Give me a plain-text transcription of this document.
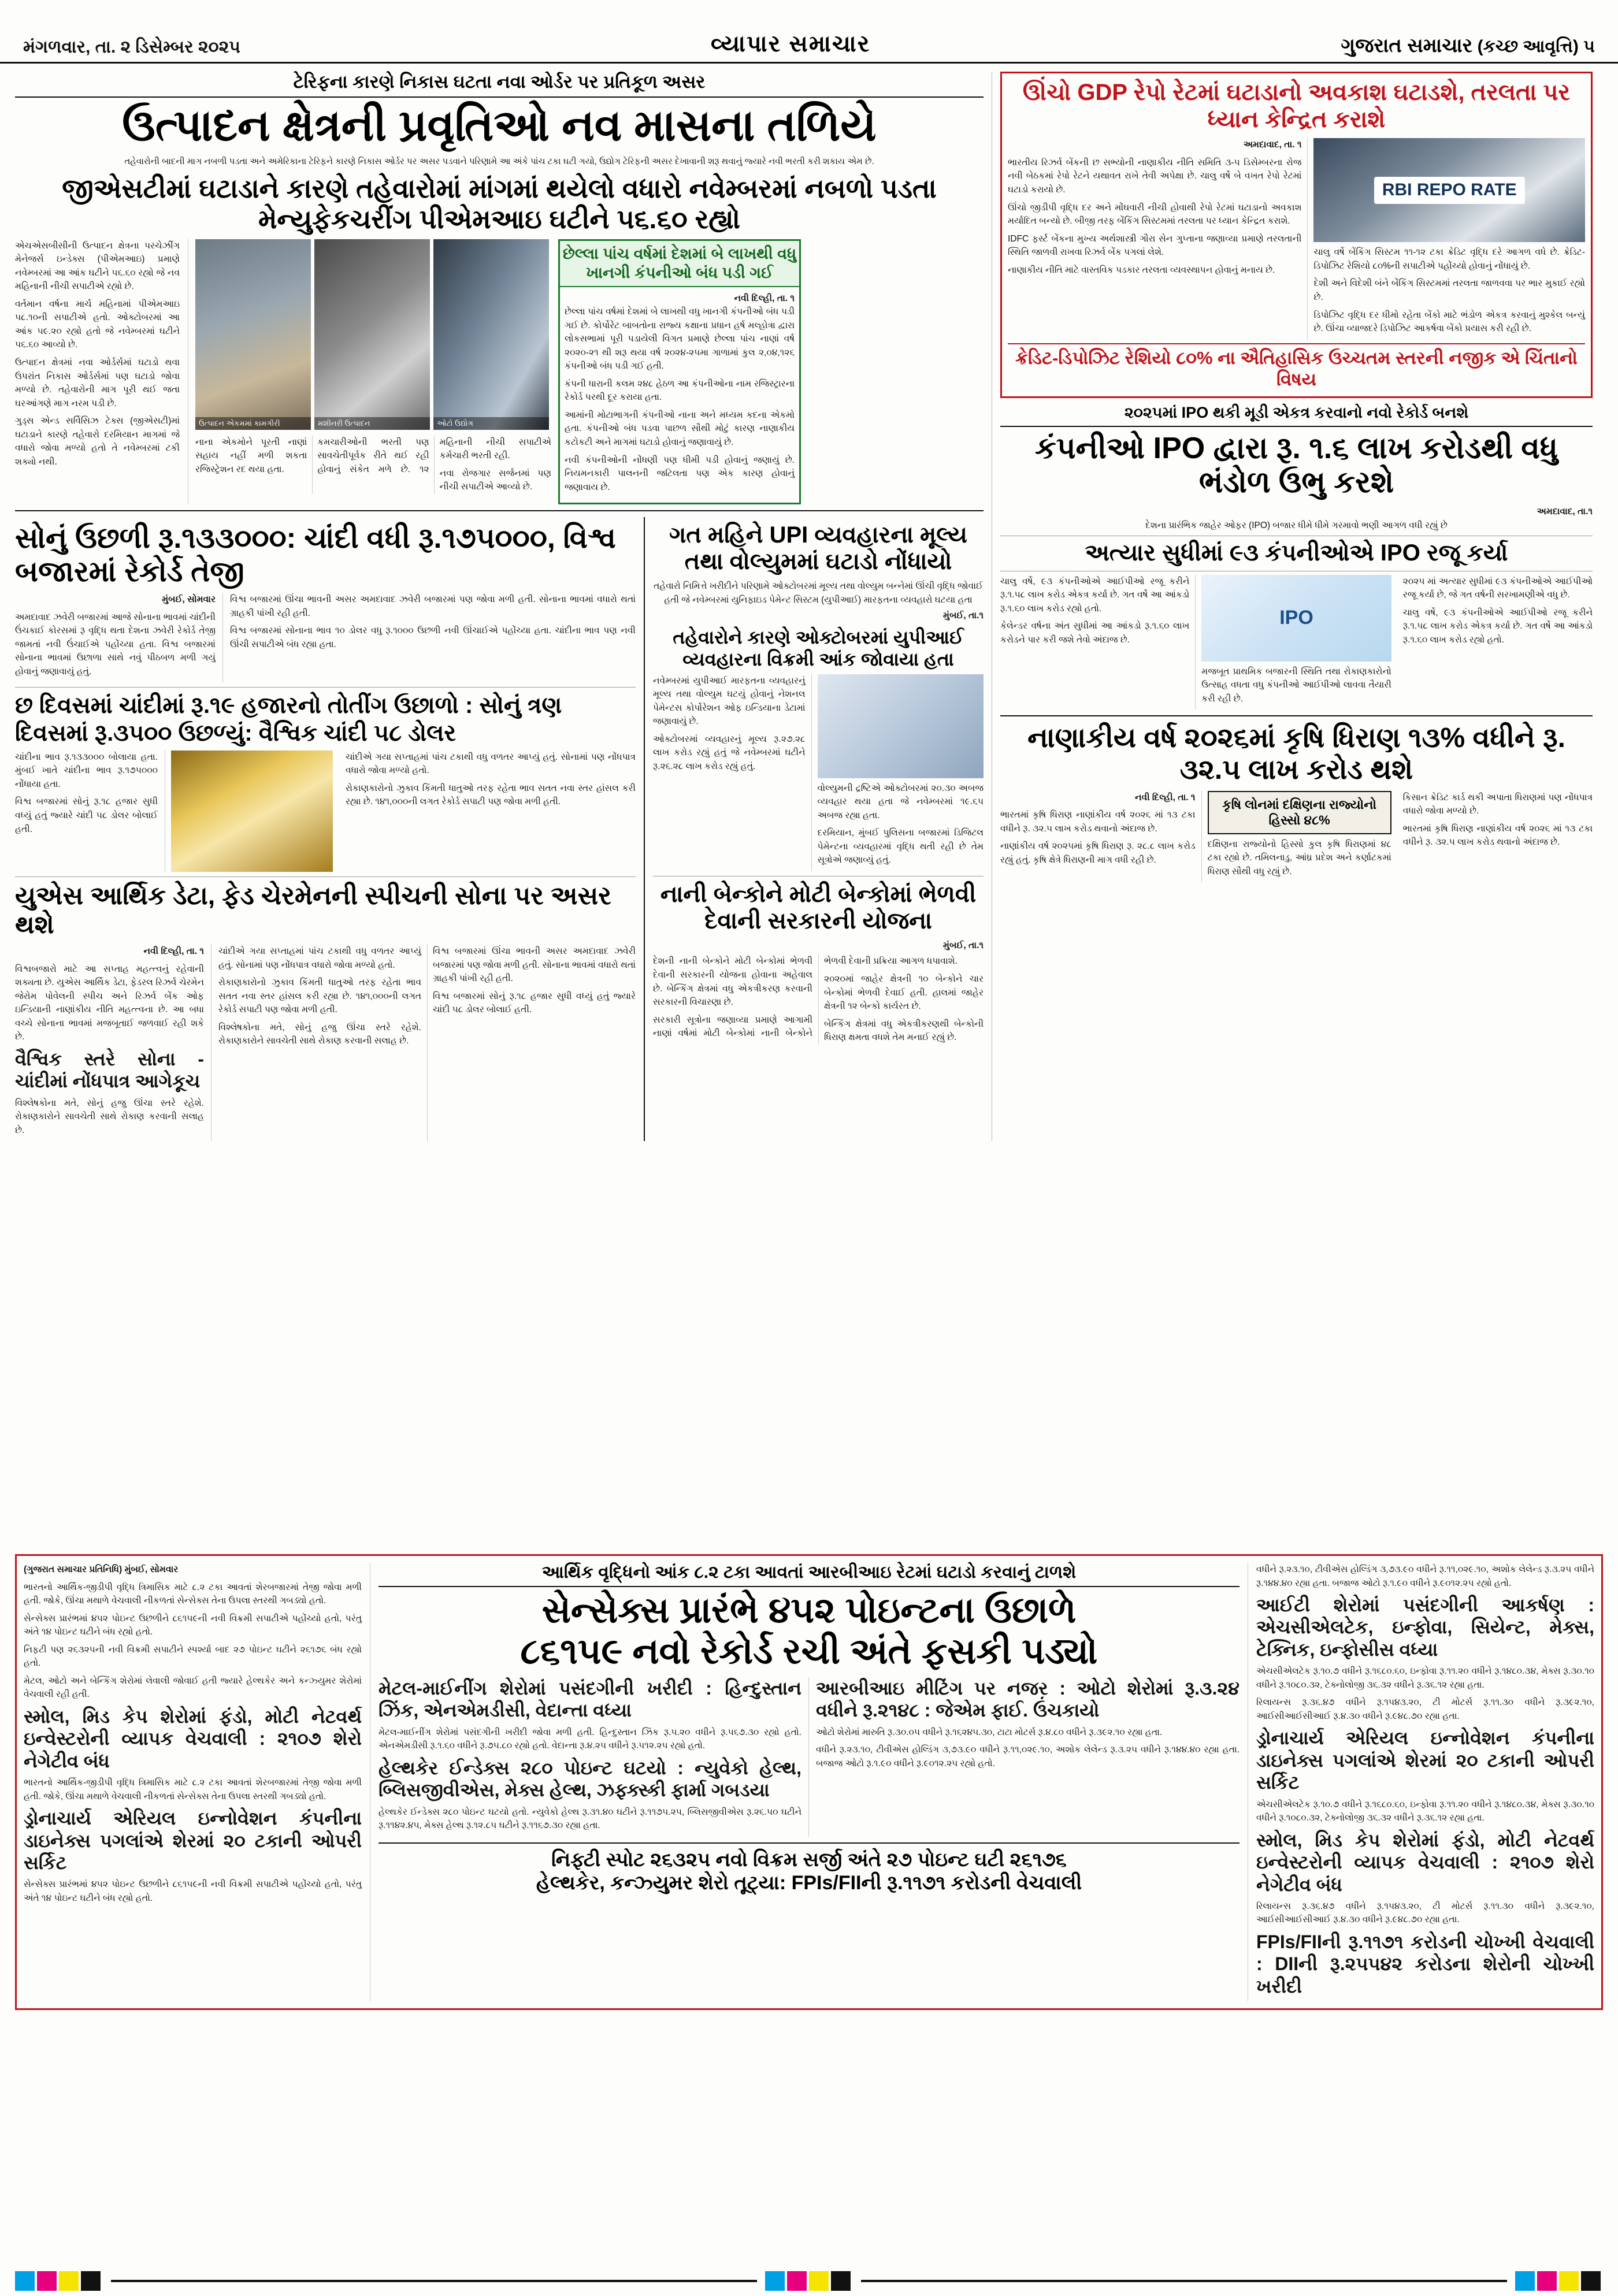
મંગળવાર, તા. ૨ ડિસેમ્બર ૨૦૨૫	વ્યાપાર સમાચાર	ગુજરાત સમાચાર (કચ્છ આવૃત્તિ) ૫
ટેરિફના કારણે નિકાસ ઘટતા નવા ઓર્ડર પર પ્રતિકૂળ અસર
ઉત્પાદન ક્ષેત્રની પ્રવૃતિઓ નવ માસના તળિયે
તહેવારોની બાદની માગ નબળી પડતા અને અમેરિકાના ટેરિફને કારણે નિકાસ ઓર્ડર પર અસર પડવાને પરિણામે આ અંકે પાંચ ટકા ઘટી ગયો, ઉદ્યોગ ટેરિફની અસર દેખાવાની શરૂ થવાનું જ્યારે નવી ભરતી કરી શકાય એમ છે.
જીએસટીમાં ઘટાડાને કારણે તહેવારોમાં માંગમાં થયેલો વધારો નવેમ્બરમાં નબળો પડતા મેન્યુફેકચરીંગ પીએમઆઇ ઘટીને ૫૬.૬૦ રહ્યો

એચએસબીસીની ઉત્પાદન ક્ષેત્રના પરચેઝીંગ મેનેજર્સ ઇન્ડેક્સ (પીએમઆઇ) પ્રમાણે નવેમ્બરમાં આ આંક ઘટીને ૫૬.૬૦ રહ્યો જે નવ મહિનાની નીચી સપાટીએ રહ્યો છે.

વર્તમાન વર્ષના માર્ચ મહિનામાં પીએમઆઇ ૫૮.૧૦ની સપાટીએ હતો. ઓક્ટોબરમાં આ આંક ૫૯.૨૦ રહ્યો હતો જે નવેમ્બરમાં ઘટીને ૫૬.૬૦ આવ્યો છે.

ઉત્પાદન ક્ષેત્રમાં નવા ઓર્ડર્સમાં ઘટાડો થવા ઉપરાંત નિકાસ ઓર્ડર્સમાં પણ ઘટાડો જોવા મળ્યો છે. તહેવારોની માગ પૂરી થઈ જતા ઘરઆંગણે માગ નરમ પડી છે.

ગુડ્સ એન્ડ સર્વિસિઝ ટેક્સ (જીએસટી)માં ઘટાડાને કારણે તહેવારો દરમિયાન માગમાં જે વધારો જોવા મળ્યો હતો તે નવેમ્બરમાં ટકી શક્યો નથી.

ઉત્પાદન એકમમાં કામગીરી	મશીનરી ઉત્પાદન	ઓટો ઉદ્યોગ

નાના એકમોને પૂરતી નાણાં સહાય નહીં મળી શકતા રજિસ્ટ્રેશન રદ થયા હતા.

કમચારીઓની ભરતી પણ સાવચેતીપૂર્વક રીતે થઈ રહી હોવાનું સંકેત મળે છે. ૧૨ મહિનાની નીચી સપાટીએ કર્મચારી ભરતી રહી.

નવા રોજગાર સર્જનમાં પણ નીચી સપાટીએ આવ્યો છે.

છેલ્લા પાંચ વર્ષમાં દેશમાં બે લાખથી વધુ ખાનગી કંપનીઓ બંધ પડી ગઈ
નવી દિલ્હી, તા. ૧

છેલ્લા પાંચ વર્ષમાં દેશમાં બે લાખથી વધુ ખાનગી કંપનીઓ બંધ પડી ગઈ છે. કોર્પોરેટ બાબતોના રાજ્ય કક્ષાના પ્રધાન હર્ષ મલ્હોત્રા દ્વારા લોકસભામાં પૂરી પડાયેલી વિગત પ્રમાણે છેલ્લા પાંચ નાણાં વર્ષ ૨૦૨૦-૨૧ થી શરૂ થયા વર્ષ ૨૦૨૪-૨૫મા ગાળામાં કુલ ૨,૦૪,૧૨૬ કંપનીઓ બંધ પડી ગઈ હતી.

કંપની ધારાની કલમ ૨૪૮ હેઠળ આ કંપનીઓના નામ રજિસ્ટ્રારના રેકોર્ડ પરથી દૂર કરાયા હતા.

આમાંની મોટાભાગની કંપનીઓ નાના અને મધ્યમ કદના એકમો હતા. કંપનીઓ બંધ પડવા પાછળ સૌથી મોટું કારણ નાણાકીય કટોકટી અને માગમાં ઘટાડો હોવાનું જણાવાયું છે.

નવી કંપનીઓની નોંધણી પણ ધીમી પડી હોવાનું જણાયું છે. નિયમનકારી પાલનની જટિલતા પણ એક કારણ હોવાનું જણાવાય છે.

સોનું ઉછળી રૂ.૧૩૩૦૦૦: ચાંદી વધી રૂ.૧૭૫૦૦૦, વિશ્વ બજારમાં રેકોર્ડ તેજી

મુંબઈ, સોમવાર

અમદાવાદ ઝવેરી બજારમાં આજે સોનાના ભાવમાં ચાંદીની ઉંચકાઈ કોરસમાં રૂ વૃદ્ધિ થતા દેશના ઝવેરી રેકોર્ડ તેજી જામતાં નવી ઉંચાઈએ પહોંચ્યા હતા. વિશ્વ બજારમાં સોનાના ભાવમાં ઉછાળા સાથે નવું પીઠબળ મળી ગયું હોવાનું જણાવાયું હતું.

વિશ્વ બજારમાં ઊંચા ભાવની અસર અમદાવાદ ઝવેરી બજારમાં પણ જોવા મળી હતી. સોનાના ભાવમાં વધારો થતાં ગ્રાહકી પાંખી રહી હતી.

વિશ્વ બજારમાં સોનાના ભાવ ૧૦ ડોલર વધુ રૂ.૧૦૦૦ ઉછળી નવી ઊંચાઈએ પહોંચ્યા હતા. ચાંદીના ભાવ પણ નવી ઊંચી સપાટીએ બંધ રહ્યા હતા.

છ દિવસમાં ચાંદીમાં રૂ.૧૯ હજારનો તોતીંગ ઉછાળો : સોનું ત્રણ દિવસમાં રૂ.૩૫૦૦ ઉછળ્યું: વૈશ્વિક ચાંદી ૫૮ ડોલર

ચાંદીના ભાવ રૂ.૧૩૩૦૦૦ બોલાયા હતા. મુંબઈ ખાતે ચાંદીના ભાવ રૂ.૧૭૫૦૦૦ નોંધાયા હતા.

વિશ્વ બજારમાં સોનું રૂ.૧૮ હજાર સુધી વધ્યું હતું જ્યારે ચાંદી ૫૮ ડોલર બોલાઈ હતી.

ચાંદીએ ગયા સપ્તાહમાં પાંચ ટકાથી વધુ વળતર આપ્યું હતું. સોનામાં પણ નોંધપાત્ર વધારો જોવા મળ્યો હતો.

રોકાણકારોનો ઝુકાવ કિંમતી ધાતુઓ તરફ રહેતા ભાવ સતત નવા સ્તર હાંસલ કરી રહ્યા છે. ૧૪૧,૦૦૦ની લગત રેકોર્ડ સપાટી પણ જોવા મળી હતી.

યુએસ આર્થિક ડેટા, ફેડ ચેરમેનની સ્પીચની સોના પર અસર થશે

નવી દિલ્હી, તા. ૧

વિશ્વબજારો માટે આ સપ્તાહ મહત્ત્વનું રહેવાની શક્યતા છે. યુએસ આર્થિક ડેટા, ફેડરલ રિઝર્વ ચેરમેન જેરોમ પોવેલની સ્પીચ અને રિઝર્વ બેંક ઓફ ઇન્ડિયાની નાણાંકીય નીતિ મહત્ત્વના છે. આ બધા વચ્ચે સોનાના ભાવમાં મજબૂતાઈ જળવાઈ રહી શકે છે.

વૈશ્વિક સ્તરે સોના - ચાંદીમાં નોંધપાત્ર આગેકૂચ

વિશ્લેષકોના મતે, સોનું હજુ ઊંચા સ્તરે રહેશે. રોકાણકારોને સાવચેતી સાથે રોકાણ કરવાની સલાહ છે.

ચાંદીએ ગયા સપ્તાહમાં પાંચ ટકાથી વધુ વળતર આપ્યું હતું. સોનામાં પણ નોંધપાત્ર વધારો જોવા મળ્યો હતો.

રોકાણકારોનો ઝુકાવ કિંમતી ધાતુઓ તરફ રહેતા ભાવ સતત નવા સ્તર હાંસલ કરી રહ્યા છે. ૧૪૧,૦૦૦ની લગત રેકોર્ડ સપાટી પણ જોવા મળી હતી.

વિશ્લેષકોના મતે, સોનું હજુ ઊંચા સ્તરે રહેશે. રોકાણકારોને સાવચેતી સાથે રોકાણ કરવાની સલાહ છે.

વિશ્વ બજારમાં ઊંચા ભાવની અસર અમદાવાદ ઝવેરી બજારમાં પણ જોવા મળી હતી. સોનાના ભાવમાં વધારો થતાં ગ્રાહકી પાંખી રહી હતી.

વિશ્વ બજારમાં સોનું રૂ.૧૮ હજાર સુધી વધ્યું હતું જ્યારે ચાંદી ૫૮ ડોલર બોલાઈ હતી.

ગત મહિને UPI વ્યવહારના મૂલ્ય તથા વોલ્યુમમાં ઘટાડો નોંધાયો
તહેવારો નિમિત્તે ખરીદીને પરિણામે ઓક્ટોબરમાં મૂલ્ય તથા વોલ્યુમ બન્નેમાં ઊંચી વૃદ્ધિ જોવાઈ હતી જે નવેમ્બરમાં યુનિફાઇડ પેમેન્ટ સિસ્ટમ (યુપીઆઈ) મારફતના વ્યવહારો ઘટયા હતા
મુંબઈ, તા.૧
તહેવારોને કારણે ઓક્ટોબરમાં યુપીઆઈ વ્યવહારના વિક્રમી આંક જોવાયા હતા

નવેમ્બરમાં યુપીઆઈ મારફતના વ્યવહારનું મૂલ્ય તથા વોલ્યુમ ઘટયું હોવાનું નેશનલ પેમેન્ટસ કોર્પોરેશન ઓફ ઇન્ડિયાના ડેટામાં જણાવાયું છે.

ઓક્ટોબરમાં વ્યવહારનું મૂલ્ય રૂ.૨૭.૨૮ લાખ કરોડ રહ્યું હતું જે નવેમ્બરમાં ઘટીને રૂ.૨૬.૨૮ લાખ કરોડ રહ્યું હતું.

વોલ્યુમની દ્રષ્ટિએ ઓક્ટોબરમાં ૨૦.૩૦ અબજ વ્યવહાર થયા હતા જે નવેમ્બરમાં ૧૯.૬૫ અબજ રહ્યા હતા.

દરમિયાન, મુંબઈ પુલિસના બજારમાં ડિજિટલ પેમેન્ટના વ્યવહારમાં વૃદ્ધિ થતી રહી છે તેમ સૂત્રોએ જણાવ્યું હતું.

નાની બેન્કોને મોટી બેન્કોમાં ભેળવી દેવાની સરકારની યોજના
મુંબઈ, તા.૧

દેશની નાની બેન્કોને મોટી બેન્કોમાં ભેળવી દેવાની સરકારની યોજના હોવાના અહેવાલ છે. બેન્કિંગ ક્ષેત્રમાં વધુ એકત્રીકરણ કરવાની સરકારની વિચારણા છે.

સરકારી સૂત્રોના જણાવ્યા પ્રમાણે આગામી નાણાં વર્ષમાં મોટી બેન્કોમાં નાની બેન્કોને ભેળવી દેવાની પ્રક્રિયા આગળ ધપાવાશે.

૨૦૨૦માં જાહેર ક્ષેત્રની ૧૦ બેન્કોને ચાર બેન્કોમાં ભેળવી દેવાઈ હતી. હાલમાં જાહેર ક્ષેત્રની ૧૨ બેન્કો કાર્યરત છે.

બેન્કિંગ ક્ષેત્રમાં વધુ એકત્રીકરણથી બેન્કોની ધિરાણ ક્ષમતા વધશે તેમ મનાઈ રહ્યું છે.

ઊંચો GDP રેપો રેટમાં ઘટાડાનો અવકાશ ઘટાડશે, તરલતા પર ધ્યાન કેન્દ્રિત કરાશે

અમદાવાદ, તા. ૧

ભારતીય રિઝર્વ બેંકની છ સભ્યોની નાણાકીય નીતિ સમિતિ ૩-૫ ડિસેમ્બરના રોજ નવી બેઠકમાં રેપો રેટને યથાવત રાખે તેવી અપેક્ષા છે. ચાલુ વર્ષે બે વખત રેપો રેટમાં ઘટાડો કરાયો છે.

ઊંચો જીડીપી વૃદ્ધિ દર અને મોંઘવારી નીચી હોવાથી રેપો રેટમાં ઘટાડાનો અવકાશ મર્યાદિત બન્યો છે. બીજી તરફ બેંકિંગ સિસ્ટમમાં તરલતા પર ધ્યાન કેન્દ્રિત કરાશે.

IDFC ફર્સ્ટ બેંકના મુખ્ય અર્થશાસ્ત્રી ગૌરા સેન ગુપ્તાના જણાવ્યા પ્રમાણે તરલતાની સ્થિતિ જાળવી રાખવા રિઝર્વ બેંક પગલાં લેશે.

નાણાકીય નીતિ માટે વાસ્તવિક પડકાર તરલતા વ્યવસ્થાપન હોવાનું મનાય છે.

RBI REPO RATE

ચાલુ વર્ષે બેંકિંગ સિસ્ટમ ૧૧-૧૨ ટકા ક્રેડિટ વૃદ્ધિ દરે આગળ વધે છે. ક્રેડિટ-ડિપોઝિટ રેશિયો ૮૦%ની સપાટીએ પહોંચ્યો હોવાનું નોંધાયું છે.

દેશી અને વિદેશી બંને બેંકિંગ સિસ્ટમમાં તરલતા જાળવવા પર ભાર મુકાઈ રહ્યો છે.

ડિપોઝિટ વૃદ્ધિ દર ધીમો રહેતા બેંકો માટે ભંડોળ એકત્ર કરવાનું મુશ્કેલ બન્યું છે. ઊંચા વ્યાજદરે ડિપોઝિટ આકર્ષવા બેંકો પ્રયાસ કરી રહી છે.

ક્રેડિટ-ડિપોઝિટ રેશિયો ૮૦% ના ઐતિહાસિક ઉચ્ચતમ સ્તરની નજીક એ ચિંતાનો વિષય
૨૦૨૫માં IPO થકી મૂડી એકત્ર કરવાનો નવો રેકોર્ડ બનશે
કંપનીઓ IPO દ્વારા રૂ. ૧.૬ લાખ કરોડથી વધુ ભંડોળ ઉભુ કરશે
અમદાવાદ, તા.૧
દેશના પ્રારંભિક જાહેર ઓફર (IPO) બજાર ધીમે ધીમે ગરમાવો ભણી આગળ વધી રહ્યું છે
અત્યાર સુધીમાં ૯૩ કંપનીઓએ IPO રજૂ કર્યા

ચાલુ વર્ષે, ૯૩ કંપનીઓએ આઈપીઓ રજૂ કરીને રૂ.૧.૫૮ લાખ કરોડ એકત્ર કર્યા છે. ગત વર્ષે આ આંકડો રૂ.૧.૬૦ લાખ કરોડ રહ્યો હતો.

કેલેન્ડર વર્ષના અંત સુધીમાં આ આંકડો રૂ.૧.૬૦ લાખ કરોડને પાર કરી જશે તેવો અંદાજ છે.

IPO

મજબૂત પ્રાથમિક બજારની સ્થિતિ તથા રોકાણકારોનો ઉત્સાહ વધતા વધુ કંપનીઓ આઈપીઓ લાવવા તૈયારી કરી રહી છે.

૨૦૨૫ માં અત્યાર સુધીમાં ૯૩ કંપનીઓએ આઈપીઓ રજૂ કર્યા છે, જે ગત વર્ષની સરખામણીએ વધુ છે.

ચાલુ વર્ષે, ૯૩ કંપનીઓએ આઈપીઓ રજૂ કરીને રૂ.૧.૫૮ લાખ કરોડ એકત્ર કર્યા છે. ગત વર્ષે આ આંકડો રૂ.૧.૬૦ લાખ કરોડ રહ્યો હતો.

નાણાકીય વર્ષ ૨૦૨૬માં કૃષિ ધિરાણ ૧૩% વધીને રૂ. ૩૨.૫ લાખ કરોડ થશે

નવી દિલ્હી, તા. ૧

ભારતમાં કૃષિ ધિરાણ નાણાંકીય વર્ષ ૨૦૨૬ માં ૧૩ ટકા વધીને રૂ. ૩૨.૫ લાખ કરોડ થવાનો અંદાજ છે.

નાણાંકીય વર્ષ ૨૦૨૫માં કૃષિ ધિરાણ રૂ. ૨૮.૮ લાખ કરોડ રહ્યું હતું. કૃષિ ક્ષેત્રે ધિરાણની માગ વધી રહી છે.

કૃષિ લોનમાં દક્ષિણના રાજ્યોનો હિસ્સો ૪૮%

દક્ષિણના રાજ્યોનો હિસ્સો કુલ કૃષિ ધિરાણમાં ૪૮ ટકા રહ્યો છે. તમિલનાડુ, આંધ્ર પ્રદેશ અને કર્ણાટકમાં ધિરાણ સૌથી વધુ રહ્યું છે.

કિસાન ક્રેડિટ કાર્ડ થકી અપાતા ધિરાણમાં પણ નોંધપાત્ર વધારો જોવા મળ્યો છે.

ભારતમાં કૃષિ ધિરાણ નાણાંકીય વર્ષ ૨૦૨૬ માં ૧૩ ટકા વધીને રૂ. ૩૨.૫ લાખ કરોડ થવાનો અંદાજ છે.

(ગુજરાત સમાચાર પ્રતિનિધિ) મુંબઈ, સોમવાર

ભારતનો આર્થિક-જીડીપી વૃદ્ધિ ત્રિમાસિક માટે ૮.૨ ટકા આવતાં શેરબજારમાં તેજી જોવા મળી હતી. જોકે, ઊંચા મથાળે વેચવાલી નીકળતાં સેન્સેક્સ તેના ઉપલા સ્તરથી ગબડ્યો હતો.

સેન્સેક્સ પ્રારંભમાં ૪૫૨ પોઇન્ટ ઉછળીને ૮૬૧૫૯ની નવી વિક્રમી સપાટીએ પહોંચ્યો હતો, પરંતુ અંતે ૧૪ પોઇન્ટ ઘટીને બંધ રહ્યો હતો.

નિફટી પણ ૨૬૩૨૫ની નવી વિક્રમી સપાટીને સ્પર્શ્યા બાદ ૨૭ પોઇન્ટ ઘટીને ૨૬૧૭૬ બંધ રહ્યો હતો.

મેટલ, ઓટો અને બેન્કિંગ શેરોમાં લેવાલી જોવાઈ હતી જ્યારે હેલ્થકેર અને કન્ઝ્યુમર શેરોમાં વેચવાલી રહી હતી.

સ્મોલ, મિડ કેપ શેરોમાં ફંડો, મોટી નેટવર્થ ઇન્વેસ્ટરોની વ્યાપક વેચવાલી : ૨૧૦૭ શેરો નેગેટીવ બંધ

ભારતનો આર્થિક-જીડીપી વૃદ્ધિ ત્રિમાસિક માટે ૮.૨ ટકા આવતાં શેરબજારમાં તેજી જોવા મળી હતી. જોકે, ઊંચા મથાળે વેચવાલી નીકળતાં સેન્સેક્સ તેના ઉપલા સ્તરથી ગબડ્યો હતો.

ડ્રોનાચાર્ય એરિયલ ઇન્નોવેશન કંપનીના ડાઇનેક્સ પગલાંએ શેરમાં ૨૦ ટકાની ઓપરી સર્કિટ

સેન્સેક્સ પ્રારંભમાં ૪૫૨ પોઇન્ટ ઉછળીને ૮૬૧૫૯ની નવી વિક્રમી સપાટીએ પહોંચ્યો હતો, પરંતુ અંતે ૧૪ પોઇન્ટ ઘટીને બંધ રહ્યો હતો.

આર્થિક વૃદ્ધિનો આંક ૮.૨ ટકા આવતાં આરબીઆઇ રેટમાં ઘટાડો કરવાનું ટાળશે
સેન્સેક્સ પ્રારંભે ૪૫૨ પોઇન્ટના ઉછાળે
૮૬૧૫૯ નવો રેકોર્ડ રચી અંતે ફસકી પડ્યો

મેટલ-માઈનીંગ શેરોમાં પસંદગીની ખરીદી : હિન્દુસ્તાન ઝિંક, એનએમડીસી, વેદાન્તા વધ્યા

મેટલ-માઈનીંગ શેરોમાં પસંદગીની ખરીદી જોવા મળી હતી. હિન્દુસ્તાન ઝિંક રૂ.૫.૨૦ વધીને રૂ.૫૬૭.૩૦ રહ્યો હતો. એનએમડીસી રૂ.૧.૬૦ વધીને રૂ.૭૫.૮૦ રહ્યો હતો. વેદાન્તા રૂ.૪.૨૫ વધીને રૂ.૫૧૨.૨૫ રહ્યો હતો.

હેલ્થકેર ઈન્ડેક્સ ૨૮૦ પોઇન્ટ ઘટયો : ન્યુવેકો હેલ્થ, બ્લિસજીવીએસ, મેક્સ હેલ્થ, ઝફ્ક્સ્કી ફાર્મા ગબડયા

હેલ્થકેર ઈન્ડેક્સ ૨૮૦ પોઇન્ટ ઘટયો હતો. ન્યુવેકો હેલ્થ રૂ.૩૧.૪૦ ઘટીને રૂ.૧૧૭૫.૨૫, બ્લિસજીવીએસ રૂ.૨૬.૫૦ ઘટીને રૂ.૧૧૪૨.૪૫, મેક્સ હેલ્થ રૂ.૧૨.૮૫ ઘટીને રૂ.૧૧૬૭.૩૦ રહ્યા હતા.

આરબીઆઇ મીટિંગ પર નજર : ઓટો શેરોમાં રૂ.૩.૨૪ વધીને રૂ.૨૧૪૮ : જેએમ ફાઈ. ઉંચકાયો

ઓટો શેરોમાં મારુતિ રૂ.૩૦.૦૫ વધીને રૂ.૧૬૨૪૫.૩૦, ટાટા મોટર્સ રૂ.૪.૮૦ વધીને રૂ.૩૯૨.૧૦ રહ્યા હતા.

વધીને રૂ.૨૩.૧૦, ટીવીએસ હોલ્ડિંગ ૩,૭૩.૯૦ વધીને રૂ.૧૧,૦૨૯.૧૦, અશોક લેલેન્ડ રૂ.૩.૨૫ વધીને રૂ.૧૪૪.૪૦ રહ્યા હતા. બજાજ ઓટો રૂ.૧.૯૦ વધીને રૂ.૯૦૧૨.૨૫ રહ્યો હતો.

નિફ્ટી સ્પોટ ૨૬૩૨૫ નવો વિક્રમ સર્જી અંતે ૨૭ પોઇન્ટ ઘટી ૨૬૧૭૬
હેલ્થકેર, કન્ઝ્યુમર શેરો તૂટ્યા: FPIs/FIIની રૂ.૧૧૭૧ કરોડની વેચવાલી

વધીને રૂ.૨૩.૧૦, ટીવીએસ હોલ્ડિંગ ૩,૭૩.૯૦ વધીને રૂ.૧૧,૦૨૯.૧૦, અશોક લેલેન્ડ રૂ.૩.૨૫ વધીને રૂ.૧૪૪.૪૦ રહ્યા હતા. બજાજ ઓટો રૂ.૧.૯૦ વધીને રૂ.૯૦૧૨.૨૫ રહ્યો હતો.

આઈટી શેરોમાં પસંદગીની આકર્ષણ : એચસીએલટેક, ઇન્ફોવા, સિયેન્ટ, મેક્સ, ટેક્નિક, ઇન્ફોસીસ વધ્યા

એચસીએલટેક રૂ.૧૦.૭ વધીને રૂ.૧૬૮૦.૬૦, ઇન્ફોવા રૂ.૧૧.૨૦ વધીને રૂ.૧૪૮૦.૩૪, મેક્સ રૂ.૩૦.૧૦ વધીને રૂ.૧૦૮૦.૩૨, ટેક્નોલોજી ૩૬.૩૨ વધીને રૂ.૩૬.૧૨ રહ્યા હતા.

રિલાયન્સ રૂ.૩૬.૪૭ વધીને રૂ.૧૫૪૩.૨૦, ટી મોટર્સ રૂ.૧૧.૩૦ વધીને રૂ.૩૯૨.૧૦, આઈસીઆઈસીઆઈ રૂ.૪.૩૦ વધીને રૂ.૯૪૮.૭૦ રહ્યા હતા.

ડ્રોનાચાર્ય એરિયલ ઇન્નોવેશન કંપનીના ડાઇનેક્સ પગલાંએ શેરમાં ૨૦ ટકાની ઓપરી સર્કિટ

એચસીએલટેક રૂ.૧૦.૭ વધીને રૂ.૧૬૮૦.૬૦, ઇન્ફોવા રૂ.૧૧.૨૦ વધીને રૂ.૧૪૮૦.૩૪, મેક્સ રૂ.૩૦.૧૦ વધીને રૂ.૧૦૮૦.૩૨, ટેક્નોલોજી ૩૬.૩૨ વધીને રૂ.૩૬.૧૨ રહ્યા હતા.

સ્મોલ, મિડ કેપ શેરોમાં ફંડો, મોટી નેટવર્થ ઇન્વેસ્ટરોની વ્યાપક વેચવાલી : ૨૧૦૭ શેરો નેગેટીવ બંધ

રિલાયન્સ રૂ.૩૬.૪૭ વધીને રૂ.૧૫૪૩.૨૦, ટી મોટર્સ રૂ.૧૧.૩૦ વધીને રૂ.૩૯૨.૧૦, આઈસીઆઈસીઆઈ રૂ.૪.૩૦ વધીને રૂ.૯૪૮.૭૦ રહ્યા હતા.

FPIs/FIIની રૂ.૧૧૭૧ કરોડની ચોખ્ખી વેચવાલી : DIIની રૂ.૨૫૫૪૨ કરોડના શેરોની ચોખ્ખી ખરીદી
